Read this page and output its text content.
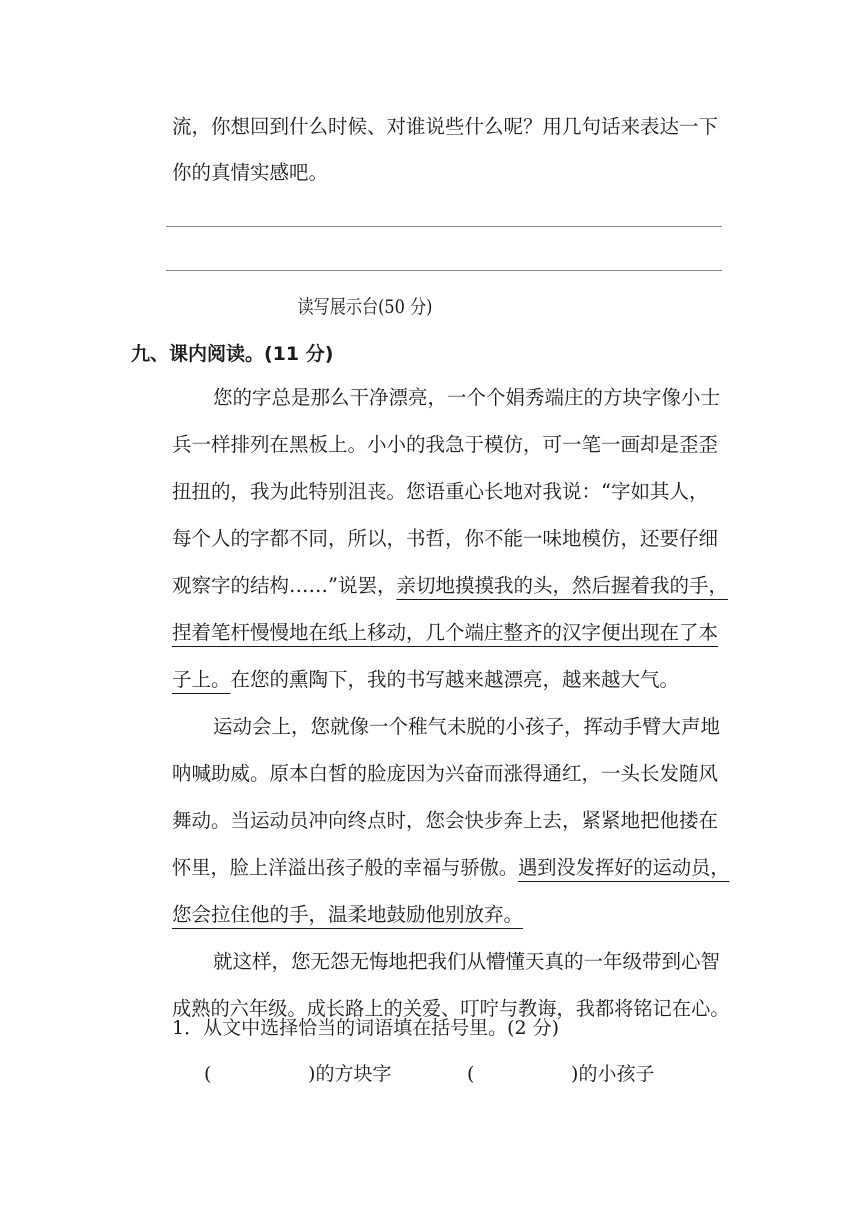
流，你想回到什么时候、对谁说些什么呢？用几句话来表达一下
你的真情实感吧。
读写展示台(50 分)
九、课内阅读。(11 分)
您的字总是那么干净漂亮，一个个娟秀端庄的方块字像小士
兵一样排列在黑板上。小小的我急于模仿，可一笔一画却是歪歪
扭扭的，我为此特别沮丧。您语重心长地对我说：“字如其人，
每个人的字都不同，所以，书哲，你不能一味地模仿，还要仔细
观察字的结构……”说罢，亲切地摸摸我的头，然后握着我的手，
捏着笔杆慢慢地在纸上移动，几个端庄整齐的汉字便出现在了本
子上。在您的熏陶下，我的书写越来越漂亮，越来越大气。
运动会上，您就像一个稚气未脱的小孩子，挥动手臂大声地
呐喊助威。原本白皙的脸庞因为兴奋而涨得通红，一头长发随风
舞动。当运动员冲向终点时，您会快步奔上去，紧紧地把他搂在
怀里，脸上洋溢出孩子般的幸福与骄傲。遇到没发挥好的运动员，
您会拉住他的手，温柔地鼓励他别放弃。
就这样，您无怨无悔地把我们从懵懂天真的一年级带到心智
成熟的六年级。成长路上的关爱、叮咛与教诲，我都将铭记在心。
1．从文中选择恰当的词语填在括号里。(2 分)
(                )的方块字	(                )的小孩子
